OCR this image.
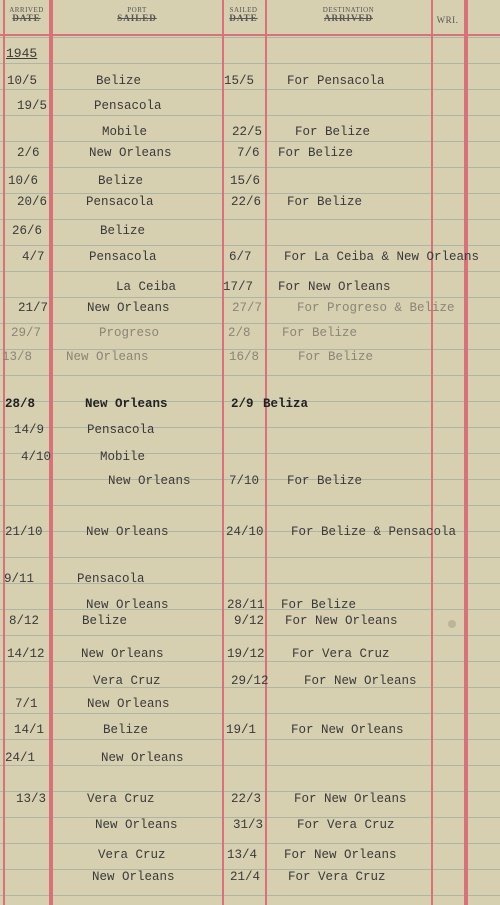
ARRIVED
DATE
PORT
SAILED
SAILED
DATE
DESTINATION
ARRIVED	WRI.
1945
10/5	Belize	15/5	For Pensacola
19/5	Pensacola
Mobile	22/5	For Belize
2/6	New Orleans	7/6 For Belize
10/6	Belize	15/6
20/6	Pensacola	22/6 For Belize
26/6	Belize
4/7	Pensacola	6/7	For La Ceiba & New Orleans
La Ceiba	17/7 For New Orleans
21/7	New Orleans	27/7	For Progreso & Belize
29/7	Progreso	2/8	For Belize
13/8	New Orleans	16/8	For Belize
28/8	New Orleans	2/9 Beliza
14/9	Pensacola
4/10	Mobile
New Orleans	7/10 For Belize
21/10	New Orleans	24/10 For Belize & Pensacola
9/11	Pensacola
New Orleans	28/11 For Belize
8/12	Belize	9/12 For New Orleans
14/12	New Orleans	19/12 For Vera Cruz
Vera Cruz	29/12	For New Orleans
7/1	New Orleans
14/1	Belize	19/1	For New Orleans
24/1	New Orleans
13/3	Vera Cruz	22/3	For New Orleans
New Orleans	31/3	For Vera Cruz
Vera Cruz	13/4 For New Orleans
New Orleans	21/4 For Vera Cruz
